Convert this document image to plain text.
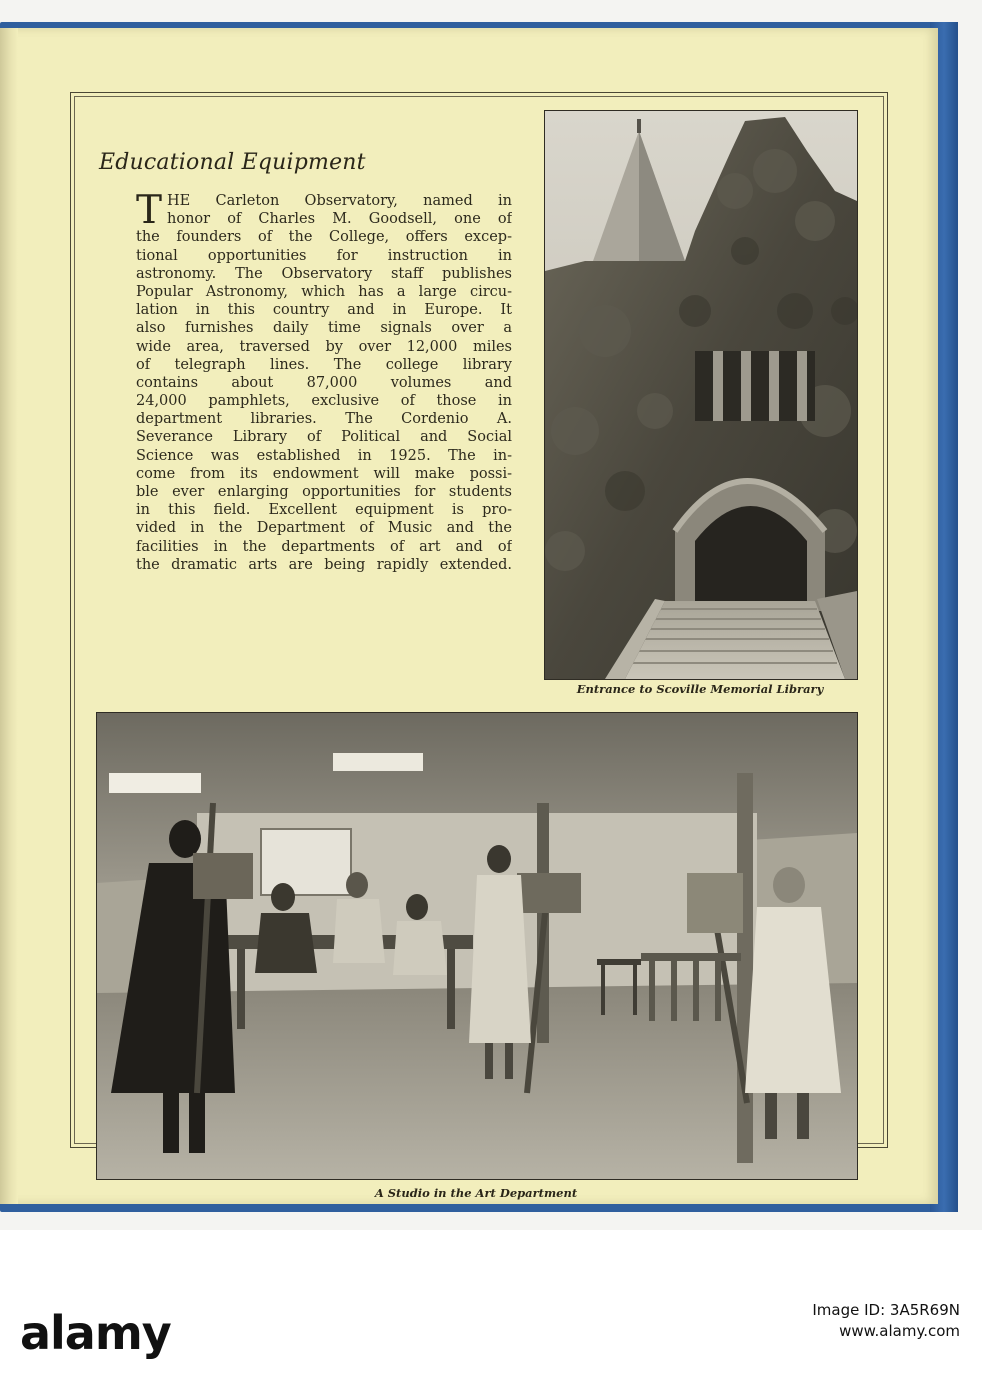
Educational Equipment
T HE Carleton Observatory, named in
honor of Charles M. Goodsell, one of
the founders of the College, offers excep-
tional opportunities for instruction in
astronomy. The Observatory staff publishes
Popular Astronomy, which has a large circu-
lation in this country and in Europe. It
also furnishes daily time signals over a
wide area, traversed by over 12,000 miles
of telegraph lines. The college library
contains about 87,000 volumes and
24,000 pamphlets, exclusive of those in
department libraries. The Cordenio A.
Severance Library of Political and Social
Science was established in 1925. The in-
come from its endowment will make possi-
ble ever enlarging opportunities for students
in this field. Excellent equipment is pro-
vided in the Department of Music and the
facilities in the departments of art and of
the dramatic arts are being rapidly extended.

Entrance to Scoville Memorial Library

A Studio in the Art Department

alamy	Image ID: 3A5R69N
www.alamy.com
